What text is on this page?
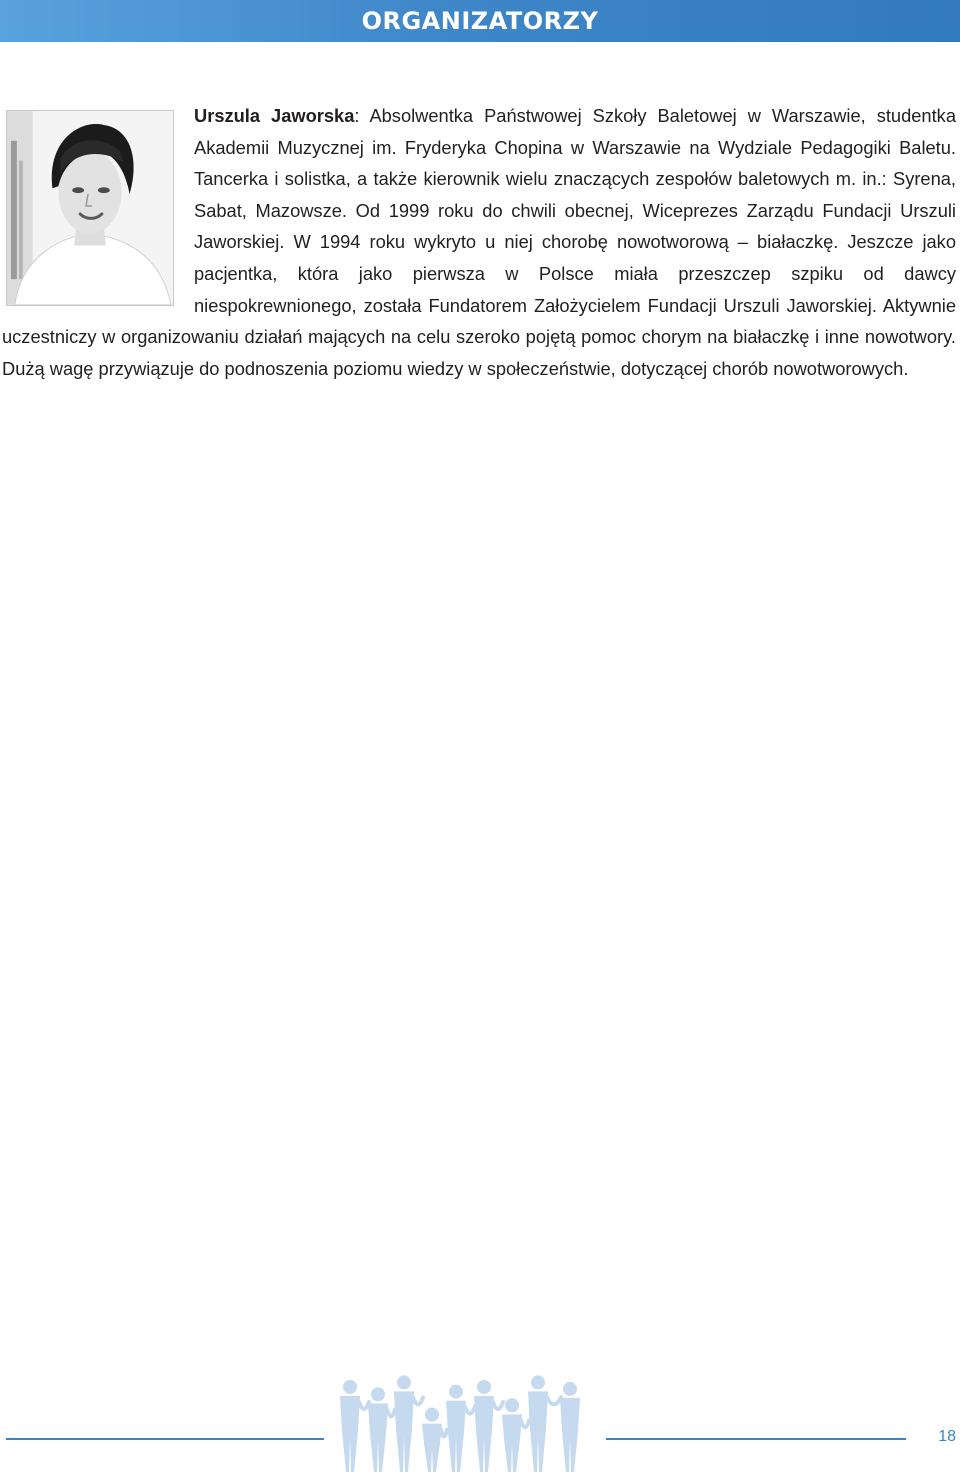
ORGANIZATORZY
Urszula Jaworska: Absolwentka Państwowej Szkoły Baletowej w Warszawie, studentka Akademii Muzycznej im. Fryderyka Chopina w Warszawie na Wydziale Pedagogiki Baletu. Tancerka i solistka, a także kierownik wielu znaczących zespołów baletowych m. in.: Syrena, Sabat, Mazowsze. Od 1999 roku do chwili obecnej, Wiceprezes Zarządu Fundacji Urszuli Jaworskiej. W 1994 roku wykryto u niej chorobę nowotworową – białaczkę. Jeszcze jako pacjentka, która jako pierwsza w Polsce miała przeszczep szpiku od dawcy niespokrewnionego, została Fundatorem Założycielem Fundacji Urszuli Jaworskiej. Aktywnie uczestniczy w organizowaniu działań mających na celu szeroko pojętą pomoc chorym na białaczkę i inne nowotwory. Dużą wagę przywiązuje do podnoszenia poziomu wiedzy w społeczeństwie, dotyczącej chorób nowotworowych.
18
